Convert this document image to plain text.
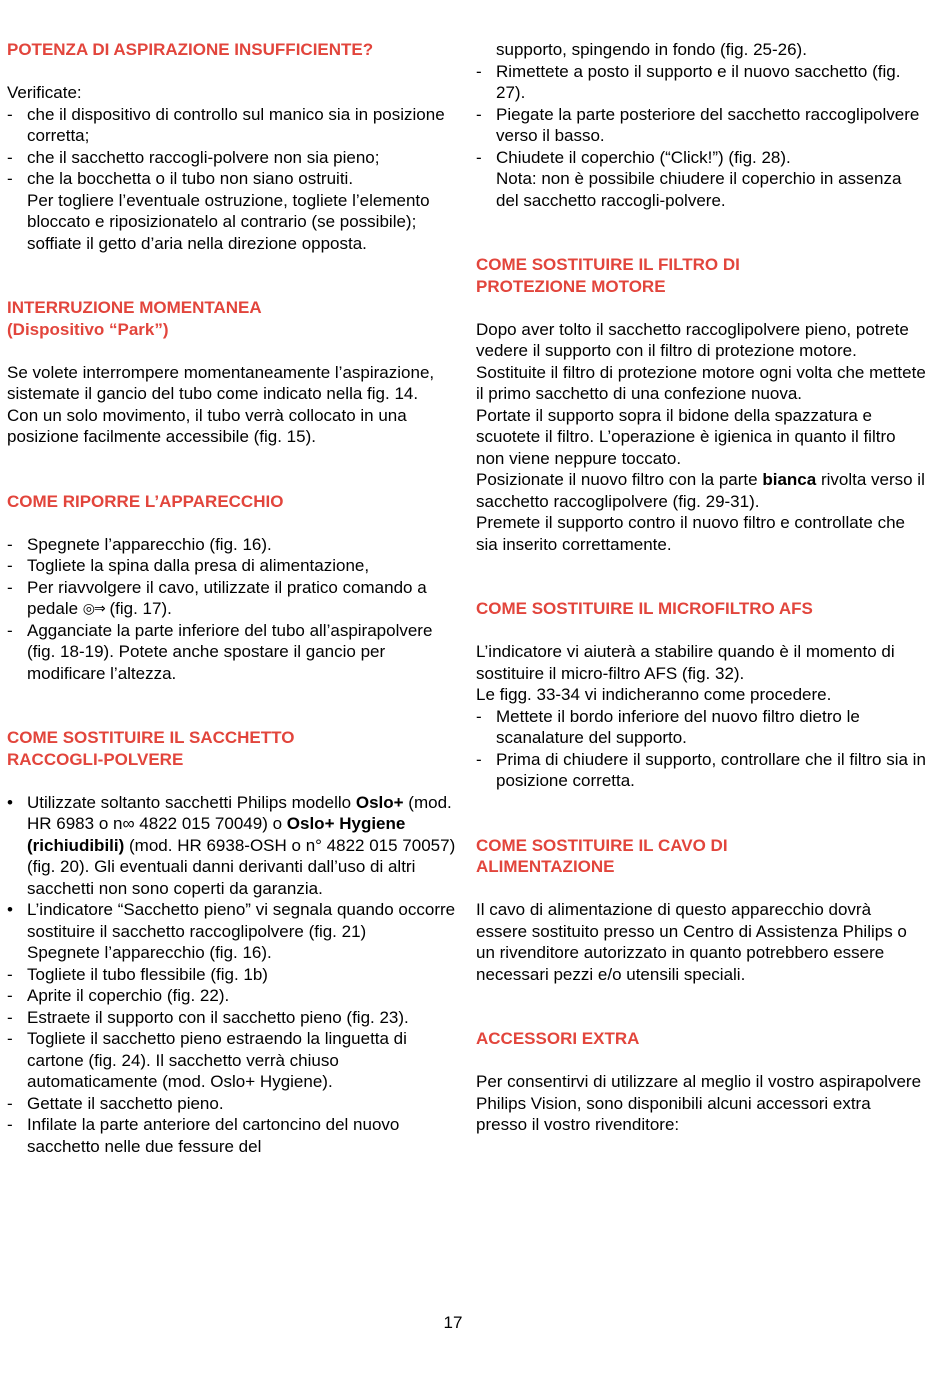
POTENZA DI ASPIRAZIONE INSUFFICIENTE?

Verificate:

- che il dispositivo di controllo sul manico sia in posizione corretta;
- che il sacchetto raccogli-polvere non sia pieno;
- che la bocchetta o il tubo non siano ostruiti.

Per togliere l’eventuale ostruzione, togliete l’elemento bloccato e riposizionatelo al contrario (se possibile); soffiate il getto d’aria nella direzione opposta.

INTERRUZIONE MOMENTANEA

(Dispositivo “Park”)

Se volete interrompere momentaneamente l’aspirazione, sistemate il gancio del tubo come indicato nella fig. 14.

Con un solo movimento, il tubo verrà collocato in una posizione facilmente accessibile (fig. 15).

COME RIPORRE L’APPARECCHIO

- Spegnete l’apparecchio (fig. 16).
- Togliete la spina dalla presa di alimentazione,
- Per riavvolgere il cavo, utilizzate il pratico comando a pedale ◎⇒ (fig. 17).
- Agganciate la parte inferiore del tubo all’aspirapolvere (fig. 18-19). Potete anche spostare il gancio per modificare l’altezza.

COME SOSTITUIRE IL SACCHETTO

RACCOGLI-POLVERE

• Utilizzate soltanto sacchetti Philips modello Oslo+ (mod. HR 6983 o n∞ 4822 015 70049) o Oslo+ Hygiene (richiudibili) (mod. HR 6938-OSH o n° 4822 015 70057) (fig. 20). Gli eventuali danni derivanti dall’uso di altri sacchetti non sono coperti da garanzia.
• L’indicatore “Sacchetto pieno” vi segnala quando occorre sostituire il sacchetto raccoglipolvere (fig. 21)

Spegnete l’apparecchio (fig. 16).

- Togliete il tubo flessibile (fig. 1b)
- Aprite il coperchio (fig. 22).
- Estraete il supporto con il sacchetto pieno (fig. 23).
- Togliete il sacchetto pieno estraendo la linguetta di cartone (fig. 24). Il sacchetto verrà chiuso automaticamente (mod. Oslo+ Hygiene).
- Gettate il sacchetto pieno.
- Infilate la parte anteriore del cartoncino del nuovo sacchetto nelle due fessure del

supporto, spingendo in fondo (fig. 25-26).

- Rimettete a posto il supporto e il nuovo sacchetto (fig. 27).
- Piegate la parte posteriore del sacchetto raccoglipolvere verso il basso.
- Chiudete il coperchio (“Click!”) (fig. 28).

Nota: non è possibile chiudere il coperchio in assenza del sacchetto raccogli-polvere.

COME SOSTITUIRE IL FILTRO DI

PROTEZIONE MOTORE

Dopo aver tolto il sacchetto raccoglipolvere pieno, potrete vedere il supporto con il filtro di protezione motore.

Sostituite il filtro di protezione motore ogni volta che mettete il primo sacchetto di una confezione nuova.

Portate il supporto sopra il bidone della spazzatura e scuotete il filtro. L’operazione è igienica in quanto il filtro non viene neppure toccato.

Posizionate il nuovo filtro con la parte bianca rivolta verso il sacchetto raccoglipolvere (fig. 29-31).

Premete il supporto contro il nuovo filtro e controllate che sia inserito correttamente.

COME SOSTITUIRE IL MICROFILTRO AFS

L’indicatore vi aiuterà a stabilire quando è il momento di sostituire il micro-filtro AFS (fig. 32).

Le figg. 33-34 vi indicheranno come procedere.

- Mettete il bordo inferiore del nuovo filtro dietro le scanalature del supporto.
- Prima di chiudere il supporto, controllare che il filtro sia in posizione corretta.

COME SOSTITUIRE IL CAVO DI

ALIMENTAZIONE

Il cavo di alimentazione di questo apparecchio dovrà essere sostituito presso un Centro di Assistenza Philips o un rivenditore autorizzato in quanto potrebbero essere necessari pezzi e/o utensili speciali.

ACCESSORI EXTRA

Per consentirvi di utilizzare al meglio il vostro aspirapolvere Philips Vision, sono disponibili alcuni accessori extra presso il vostro rivenditore:

17
